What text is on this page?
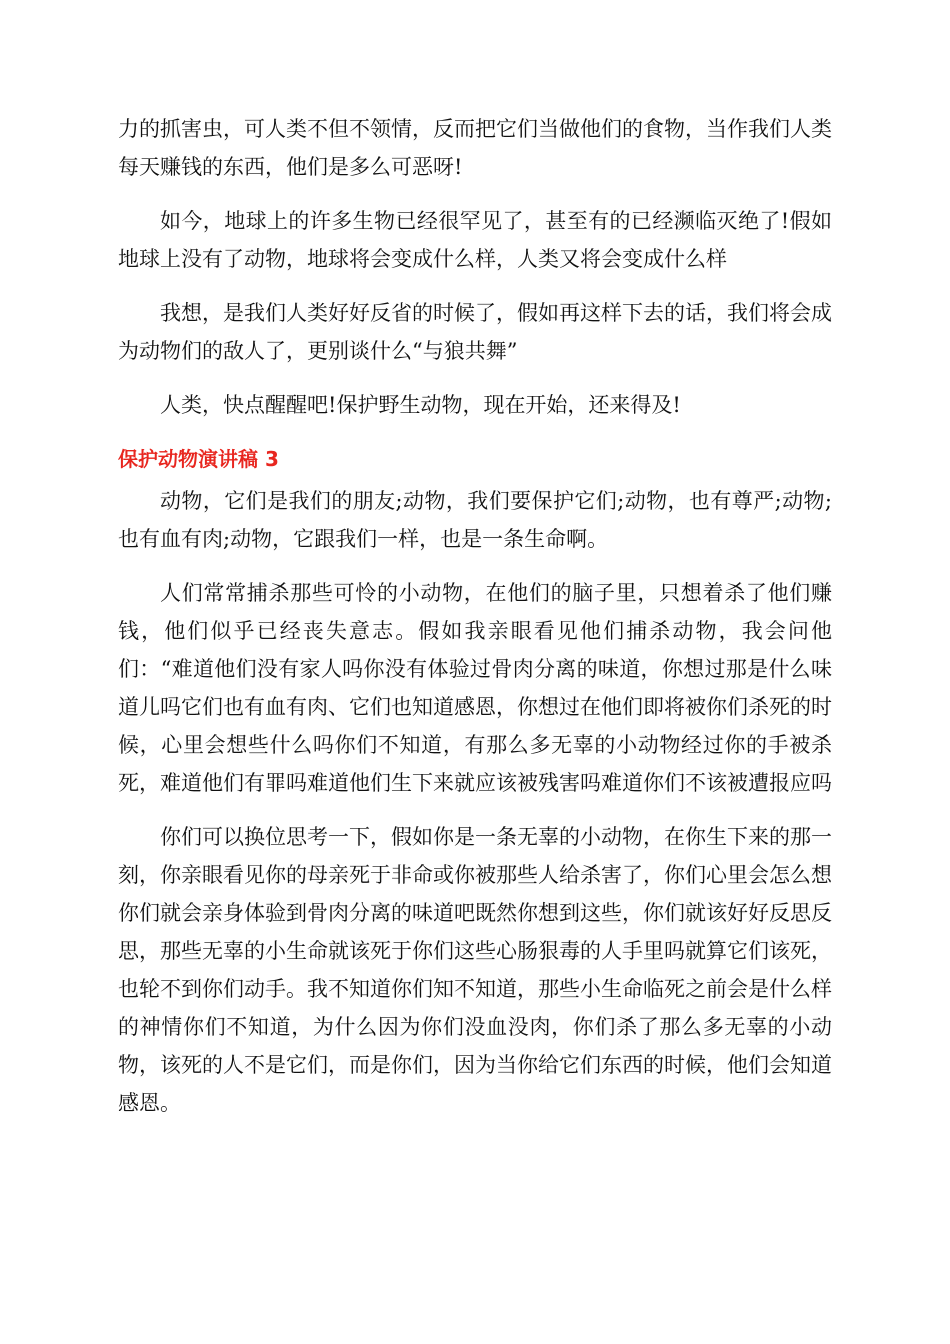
力的抓害虫，可人类不但不领情，反而把它们当做他们的食物，当作我们人类每天赚钱的东西，他们是多么可恶呀!

如今，地球上的许多生物已经很罕见了，甚至有的已经濒临灭绝了!假如地球上没有了动物，地球将会变成什么样，人类又将会变成什么样

我想，是我们人类好好反省的时候了，假如再这样下去的话，我们将会成为动物们的敌人了，更别谈什么“与狼共舞”

人类，快点醒醒吧!保护野生动物，现在开始，还来得及!

保护动物演讲稿 3

动物，它们是我们的朋友;动物，我们要保护它们;动物，也有尊严;动物;也有血有肉;动物，它跟我们一样，也是一条生命啊。

人们常常捕杀那些可怜的小动物，在他们的脑子里，只想着杀了他们赚钱，他们似乎已经丧失意志。假如我亲眼看见他们捕杀动物，我会问他们：“难道他们没有家人吗你没有体验过骨肉分离的味道，你想过那是什么味道儿吗它们也有血有肉、它们也知道感恩，你想过在他们即将被你们杀死的时候，心里会想些什么吗你们不知道，有那么多无辜的小动物经过你的手被杀死，难道他们有罪吗难道他们生下来就应该被残害吗难道你们不该被遭报应吗

你们可以换位思考一下，假如你是一条无辜的小动物，在你生下来的那一刻，你亲眼看见你的母亲死于非命或你被那些人给杀害了，你们心里会怎么想你们就会亲身体验到骨肉分离的味道吧既然你想到这些，你们就该好好反思反思，那些无辜的小生命就该死于你们这些心肠狠毒的人手里吗就算它们该死，也轮不到你们动手。我不知道你们知不知道，那些小生命临死之前会是什么样的神情你们不知道，为什么因为你们没血没肉，你们杀了那么多无辜的小动物，该死的人不是它们，而是你们，因为当你给它们东西的时候，他们会知道感恩。
